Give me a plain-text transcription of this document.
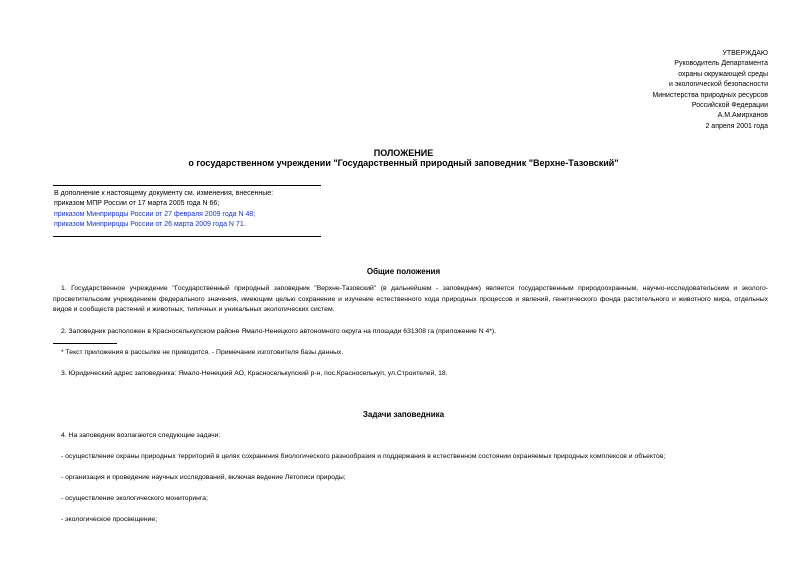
УТВЕРЖДАЮ
Руководитель Департамента
охраны окружающей среды
и экологической безопасности
Министерства природных ресурсов
Российской Федерации
А.М.Амирханов
2 апреля 2001 года
ПОЛОЖЕНИЕ
о государственном учреждении "Государственный природный заповедник "Верхне-Тазовский"
В дополнение к настоящему документу см. изменения, внесенные:
приказом МПР России от 17 марта 2005 года N 66;
приказом Минприроды России от 27 февраля 2009 года N 48;
приказом Минприроды России от 26 марта 2009 года N 71.
Общие положения
1. Государственное учреждение "Государственный природный заповедник "Верхне-Тазовский" (в дальнейшем - заповедник) является государственным природоохранным, научно-исследовательским и эколого-просветительским учреждением федерального значения, имеющим целью сохранение и изучение естественного хода природных процессов и явлений, генетического фонда растительного и животного мира, отдельных видов и сообществ растений и животных, типичных и уникальных экологических систем.
2. Заповедник расположен в Красноселькупском районе Ямало-Ненецкого автономного округа на площади 631308 га (приложение N 4*).
* Текст приложения в рассылке не приводится. - Примечание изготовителя базы данных.
3. Юридический адрес заповедника: Ямало-Ненецкий АО, Красноселькупский р-н, пос.Красноселькуп, ул.Строителей, 18.
Задачи заповедника
4. На заповедник возлагаются следующие задачи:
- осуществление охраны природных территорий в целях сохранения биологического разнообразия и поддержания в естественном состоянии охраняемых природных комплексов и объектов;
- организация и проведение научных исследований, включая ведение Летописи природы;
- осуществление экологического мониторинга;
- экологическое просвещение;
